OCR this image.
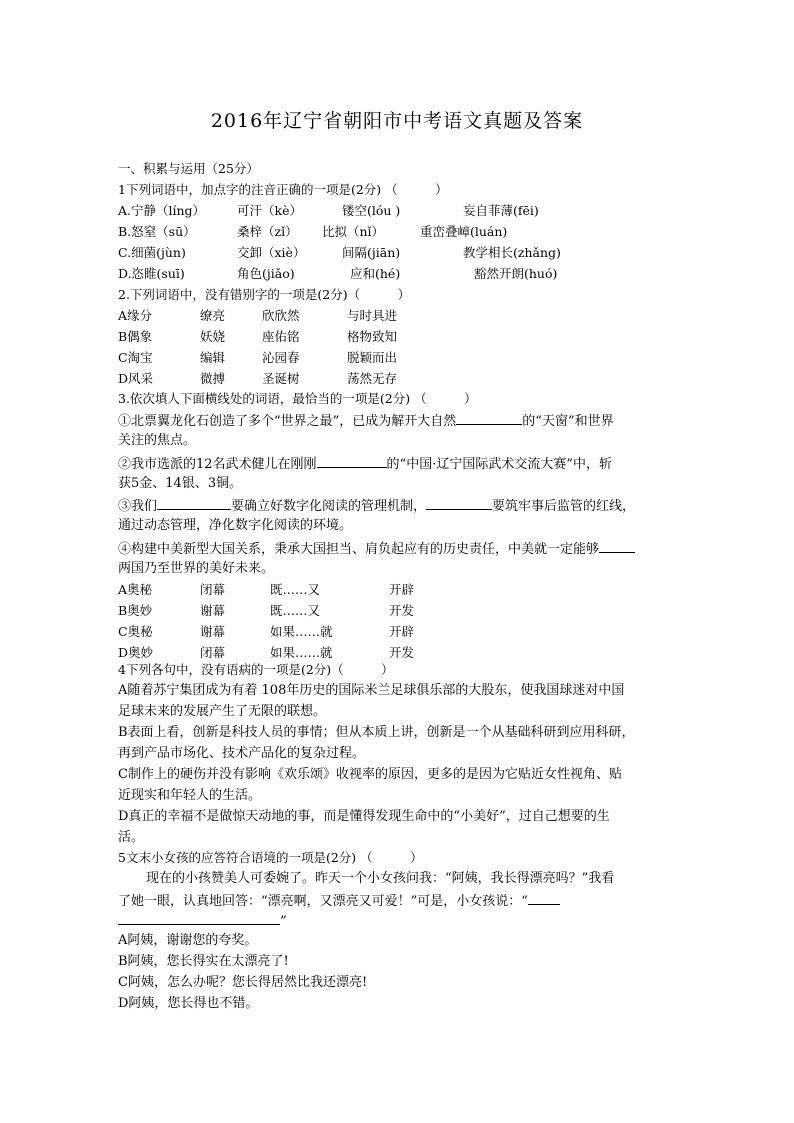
2016年辽宁省朝阳市中考语文真题及答案
一、积累与运用（25分）
1下列词语中，加点字的注音正确的一项是(2分) （　　　）
A.宁静（líng）	可汗（kè）	镂空(lóu )	妄自菲薄(fēi)
B.怒窒（sū）	桑梓（zǐ） 比拟（nǐ）	重峦叠嶂(luán)
C.细菌(jùn)	交卸（xiè）	间隔(jiān)	教学相长(zhǎng)
D.恣睢(suī)	角色(jiǎo)	应和(hé)	豁然开朗(huó)
2.下列词语中，没有错别字的一项是(2分)（　　　）
A缘分	缭亮	欣欣然	与时具进
B偶象	妖娆	座佑铭	格物致知
C淘宝	编辑	沁园春	脱颖而出
D风采	微搏	圣诞树	荡然无存
3.依次填人下面横线处的词语，最恰当的一项是(2分) （　　　）
①北票翼龙化石创造了多个“世界之最”，已成为解开大自然	的“天窗”和世界
关注的焦点。
②我市选派的12名武术健儿在刚刚	的“中国·辽宁国际武术交流大赛”中，斩
获5金、14银、3铜。
③我们	要确立好数字化阅读的管理机制，	要筑牢事后监管的红线，
通过动态管理，净化数字化阅读的环境。
④构建中美新型大国关系，秉承大国担当、肩负起应有的历史责任，中美就一定能够
两国乃至世界的美好未来。
A奥秘	闭幕	既……又	开辟
B奥妙	谢幕	既……又	开发
C奥秘	谢幕	如果……就	开辟
D奥妙	闭幕	如果……就	开发
4下列各句中，没有语病的一项是(2分)（　　　）
A随着苏宁集团成为有着 108年历史的国际米兰足球俱乐部的大股东，使我国球迷对中国
足球未来的发展产生了无限的联想。
B表面上看，创新是科技人员的事情；但从本质上讲，创新是一个从基础科研到应用科研，
再到产品市场化、技术产品化的复杂过程。
C制作上的硬伤并没有影响《欢乐颂》收视率的原因，更多的是因为它贴近女性视角、贴
近现实和年轻人的生活。
D真正的幸福不是做惊天动地的事，而是懂得发现生命中的“小美好”，过自己想要的生
活。
5文末小女孩的应答符合语境的一项是(2分) （　　　）
现在的小孩赞美人可委婉了。昨天一个小女孩问我：“阿姨，我长得漂亮吗？”我看
了她一眼，认真地回答：“漂亮啊，又漂亮又可爱！”可是，小女孩说：“
”
A阿姨，谢谢您的夸奖。
B阿姨，您长得实在太漂亮了!
C阿姨，怎么办呢？您长得居然比我还漂亮!
D阿姨，您长得也不错。
